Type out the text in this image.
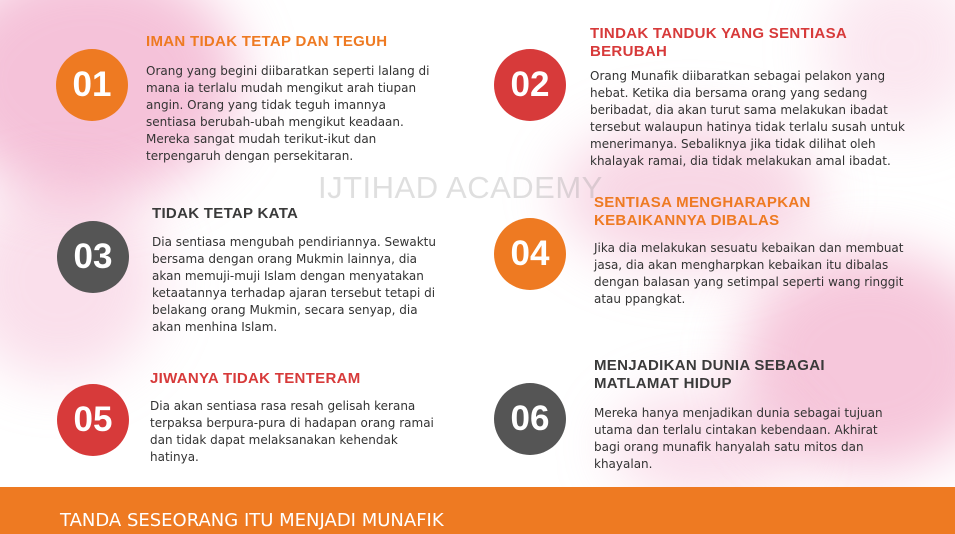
IJTIHAD ACADEMY
01
IMAN TIDAK TETAP DAN TEGUH
Orang yang begini diibaratkan seperti lalang di mana ia terlalu mudah mengikut arah tiupan angin. Orang yang tidak teguh imannya sentiasa berubah-ubah mengikut keadaan. Mereka sangat mudah terikut-ikut dan terpengaruh dengan persekitaran.
02
TINDAK TANDUK YANG SENTIASA BERUBAH
Orang Munafik diibaratkan sebagai pelakon yang hebat. Ketika dia bersama orang yang sedang beribadat, dia akan turut sama melakukan ibadat tersebut walaupun hatinya tidak terlalu susah untuk menerimanya. Sebaliknya jika tidak dilihat oleh khalayak ramai, dia tidak melakukan amal ibadat.
03
TIDAK TETAP KATA
Dia sentiasa mengubah pendiriannya. Sewaktu bersama dengan orang Mukmin lainnya, dia akan memuji-muji Islam dengan menyatakan ketaatannya terhadap ajaran tersebut tetapi di belakang orang Mukmin, secara senyap, dia akan menhina Islam.
04
SENTIASA MENGHARAPKAN KEBAIKANNYA DIBALAS
Jika dia melakukan sesuatu kebaikan dan membuat jasa, dia akan mengharpkan kebaikan itu dibalas dengan balasan yang setimpal seperti wang ringgit atau ppangkat.
05
JIWANYA TIDAK TENTERAM
Dia akan sentiasa rasa resah gelisah kerana terpaksa berpura-pura di hadapan orang ramai dan tidak dapat melaksanakan kehendak hatinya.
06
MENJADIKAN DUNIA SEBAGAI MATLAMAT HIDUP
Mereka hanya menjadikan dunia sebagai tujuan utama dan terlalu cintakan kebendaan. Akhirat bagi orang munafik hanyalah satu mitos dan khayalan.
TANDA SESEORANG ITU MENJADI MUNAFIK
